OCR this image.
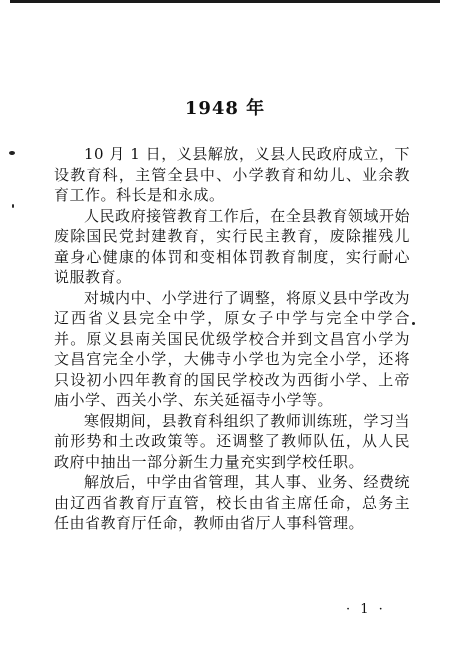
1948 年

10 月 1 日，义县解放，义县人民政府成立，下设教育科，主管全县中、小学教育和幼儿、业余教育工作。科长是和永成。

人民政府接管教育工作后，在全县教育领域开始废除国民党封建教育，实行民主教育，废除摧残儿童身心健康的体罚和变相体罚教育制度，实行耐心说服教育。

对城内中、小学进行了调整，将原义县中学改为辽西省义县完全中学，原女子中学与完全中学合并。原义县南关国民优级学校合并到文昌宫小学为文昌宫完全小学，大佛寺小学也为完全小学，还将只设初小四年教育的国民学校改为西街小学、上帝庙小学、西关小学、东关延福寺小学等。

寒假期间，县教育科组织了教师训练班，学习当前形势和土改政策等。还调整了教师队伍，从人民政府中抽出一部分新生力量充实到学校任职。

解放后，中学由省管理，其人事、业务、经费统由辽西省教育厅直管，校长由省主席任命，总务主任由省教育厅任命，教师由省厅人事科管理。

· 1 ·
